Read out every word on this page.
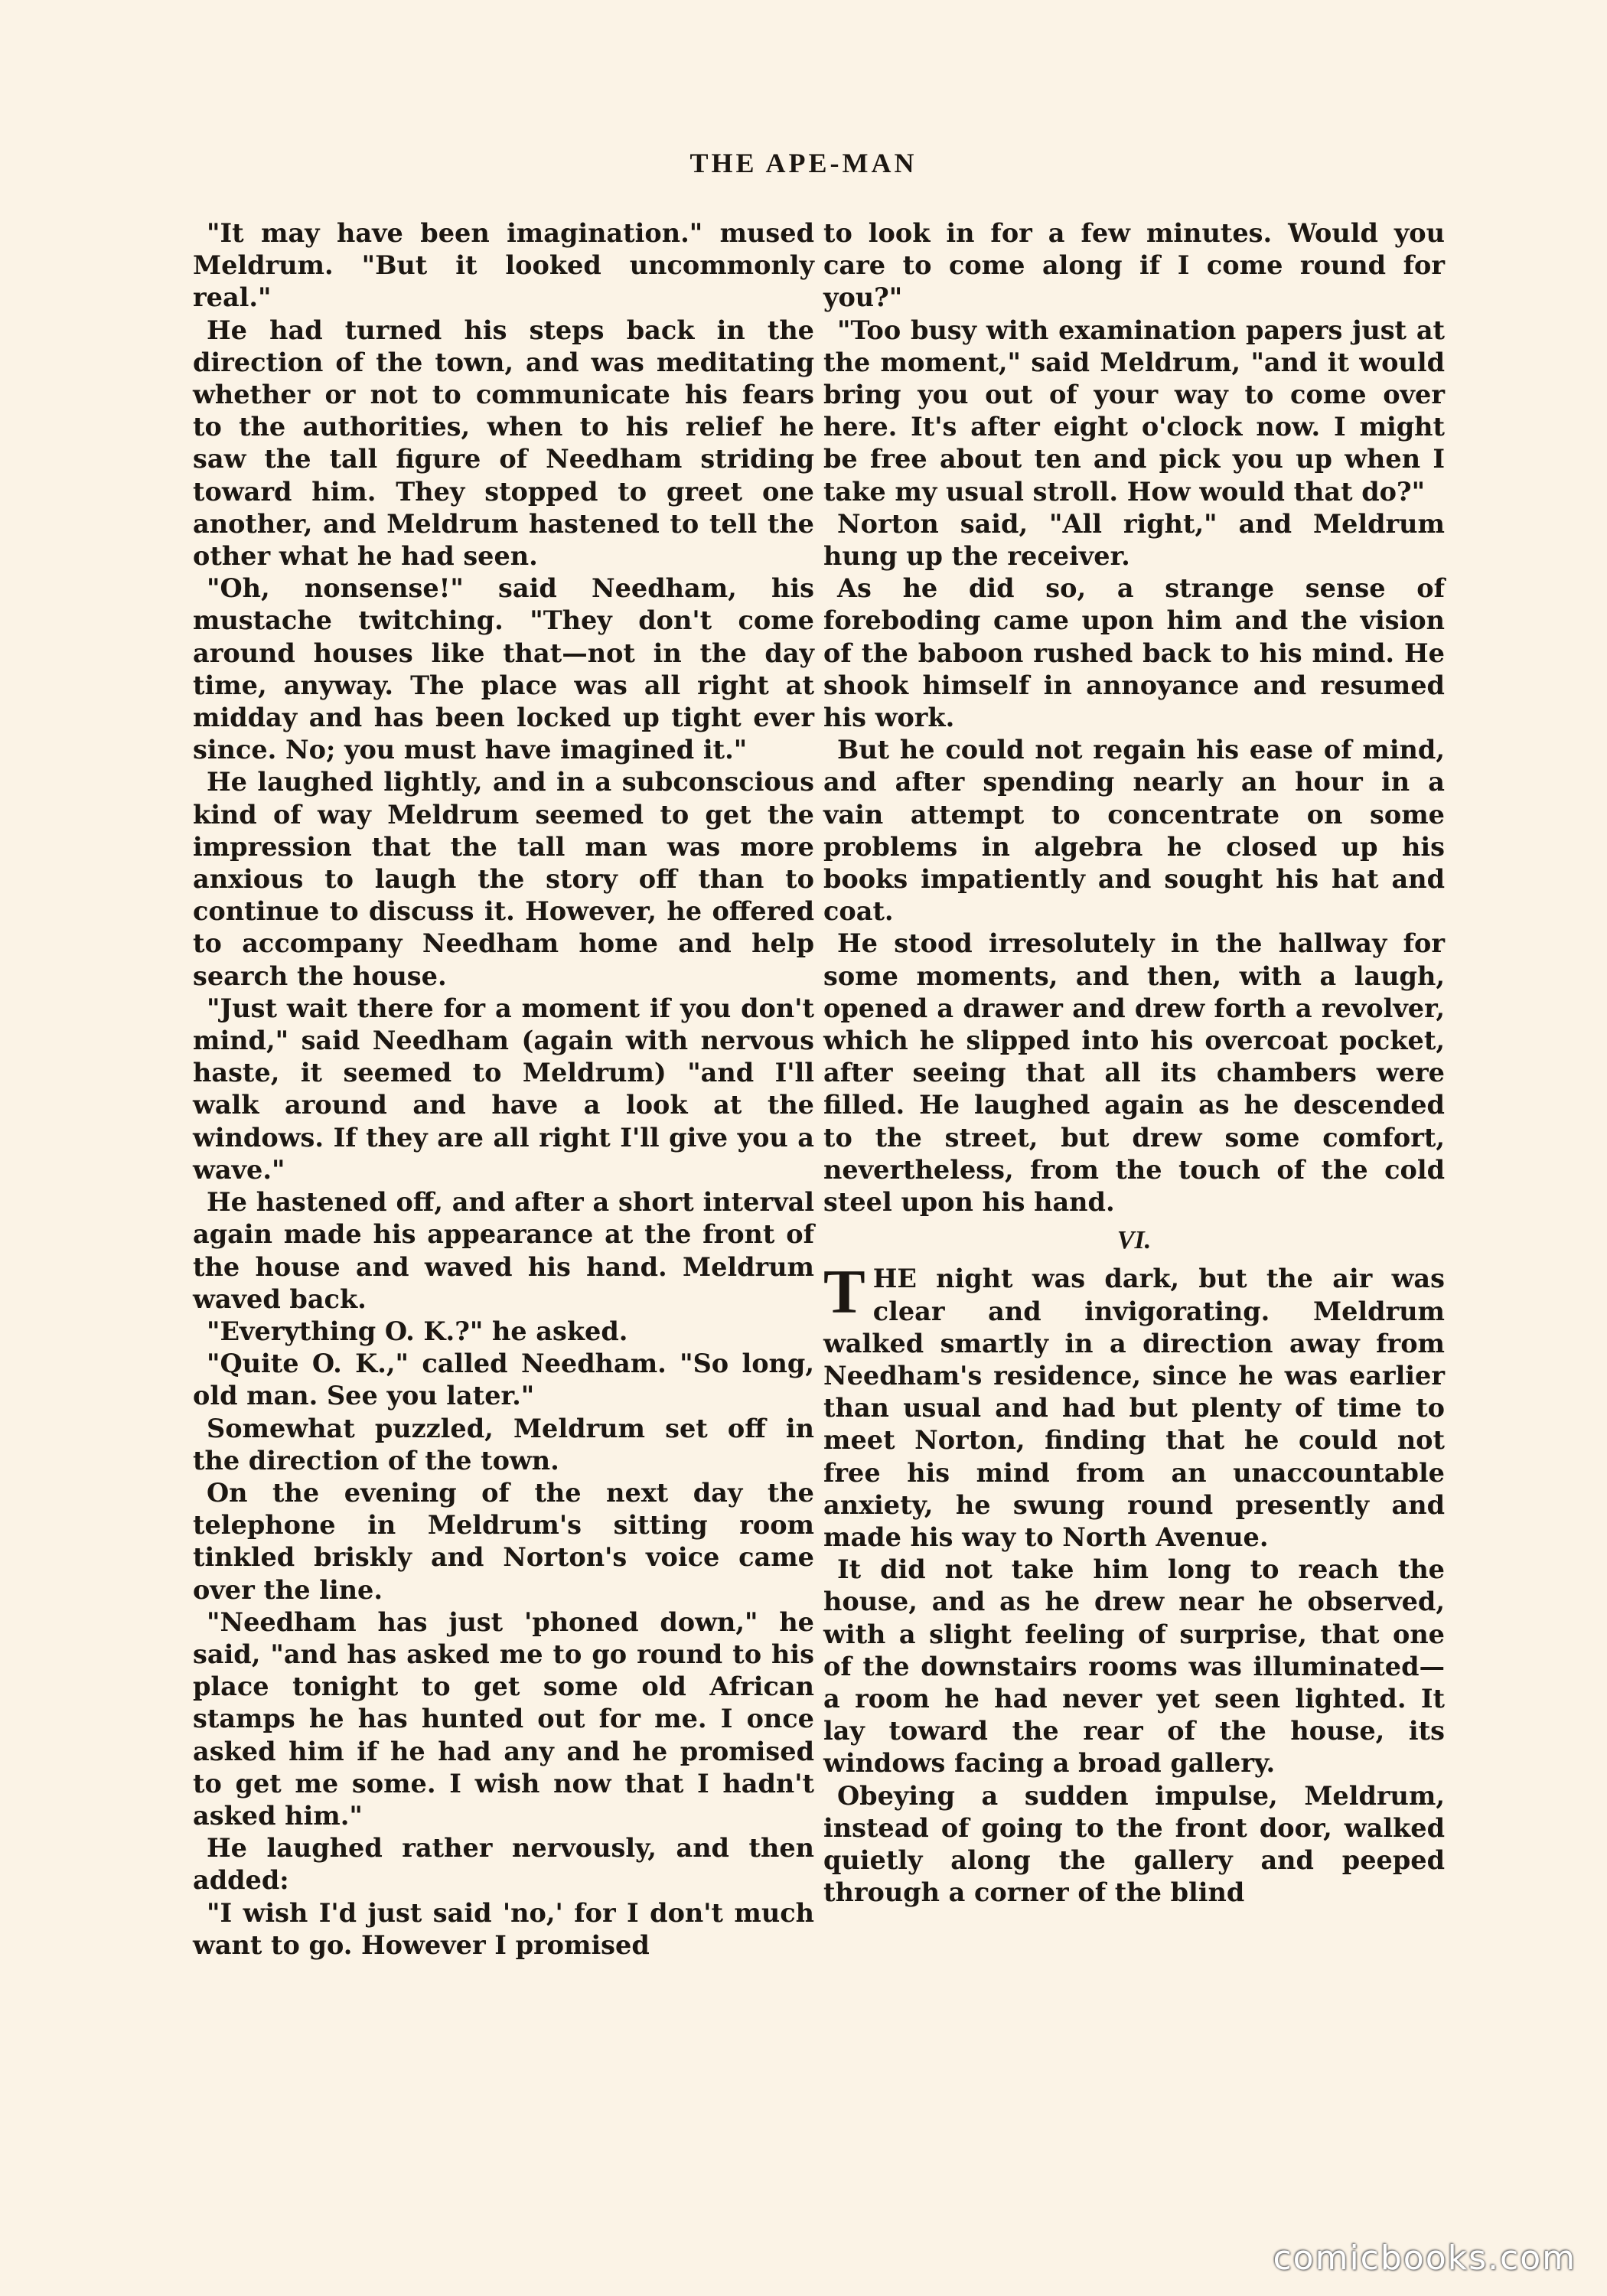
THE APE-MAN

"It may have been imagination." mused Meldrum. "But it looked uncommonly real."

He had turned his steps back in the direction of the town, and was meditating whether or not to communicate his fears to the authorities, when to his relief he saw the tall figure of Needham striding toward him. They stopped to greet one another, and Meldrum hastened to tell the other what he had seen.

"Oh, nonsense!" said Needham, his mustache twitching. "They don't come around houses like that—not in the day time, anyway. The place was all right at midday and has been locked up tight ever since. No; you must have imagined it."

He laughed lightly, and in a subconscious kind of way Meldrum seemed to get the impression that the tall man was more anxious to laugh the story off than to continue to discuss it. However, he offered to accompany Needham home and help search the house.

"Just wait there for a moment if you don't mind," said Needham (again with nervous haste, it seemed to Meldrum) "and I'll walk around and have a look at the windows. If they are all right I'll give you a wave."

He hastened off, and after a short interval again made his appearance at the front of the house and waved his hand. Meldrum waved back.

"Everything O. K.?" he asked.

"Quite O. K.," called Needham. "So long, old man. See you later."

Somewhat puzzled, Meldrum set off in the direction of the town.

On the evening of the next day the telephone in Meldrum's sitting room tinkled briskly and Norton's voice came over the line.

"Needham has just 'phoned down," he said, "and has asked me to go round to his place tonight to get some old African stamps he has hunted out for me. I once asked him if he had any and he promised to get me some. I wish now that I hadn't asked him."

He laughed rather nervously, and then added:

"I wish I'd just said 'no,' for I don't much want to go. However I promised

to look in for a few minutes. Would you care to come along if I come round for you?"

"Too busy with examination papers just at the moment," said Meldrum, "and it would bring you out of your way to come over here. It's after eight o'clock now. I might be free about ten and pick you up when I take my usual stroll. How would that do?"

Norton said, "All right," and Meldrum hung up the receiver.

As he did so, a strange sense of foreboding came upon him and the vision of the baboon rushed back to his mind. He shook himself in annoyance and resumed his work.

But he could not regain his ease of mind, and after spending nearly an hour in a vain attempt to concentrate on some problems in algebra he closed up his books impatiently and sought his hat and coat.

He stood irresolutely in the hallway for some moments, and then, with a laugh, opened a drawer and drew forth a revolver, which he slipped into his overcoat pocket, after seeing that all its chambers were filled. He laughed again as he descended to the street, but drew some comfort, nevertheless, from the touch of the cold steel upon his hand.

VI.

THE night was dark, but the air was clear and invigorating. Meldrum walked smartly in a direction away from Needham's residence, since he was earlier than usual and had but plenty of time to meet Norton, finding that he could not free his mind from an unaccountable anxiety, he swung round presently and made his way to North Avenue.

It did not take him long to reach the house, and as he drew near he observed, with a slight feeling of surprise, that one of the downstairs rooms was illuminated—a room he had never yet seen lighted. It lay toward the rear of the house, its windows facing a broad gallery.

Obeying a sudden impulse, Meldrum, instead of going to the front door, walked quietly along the gallery and peeped through a corner of the blind

comicbooks.com
